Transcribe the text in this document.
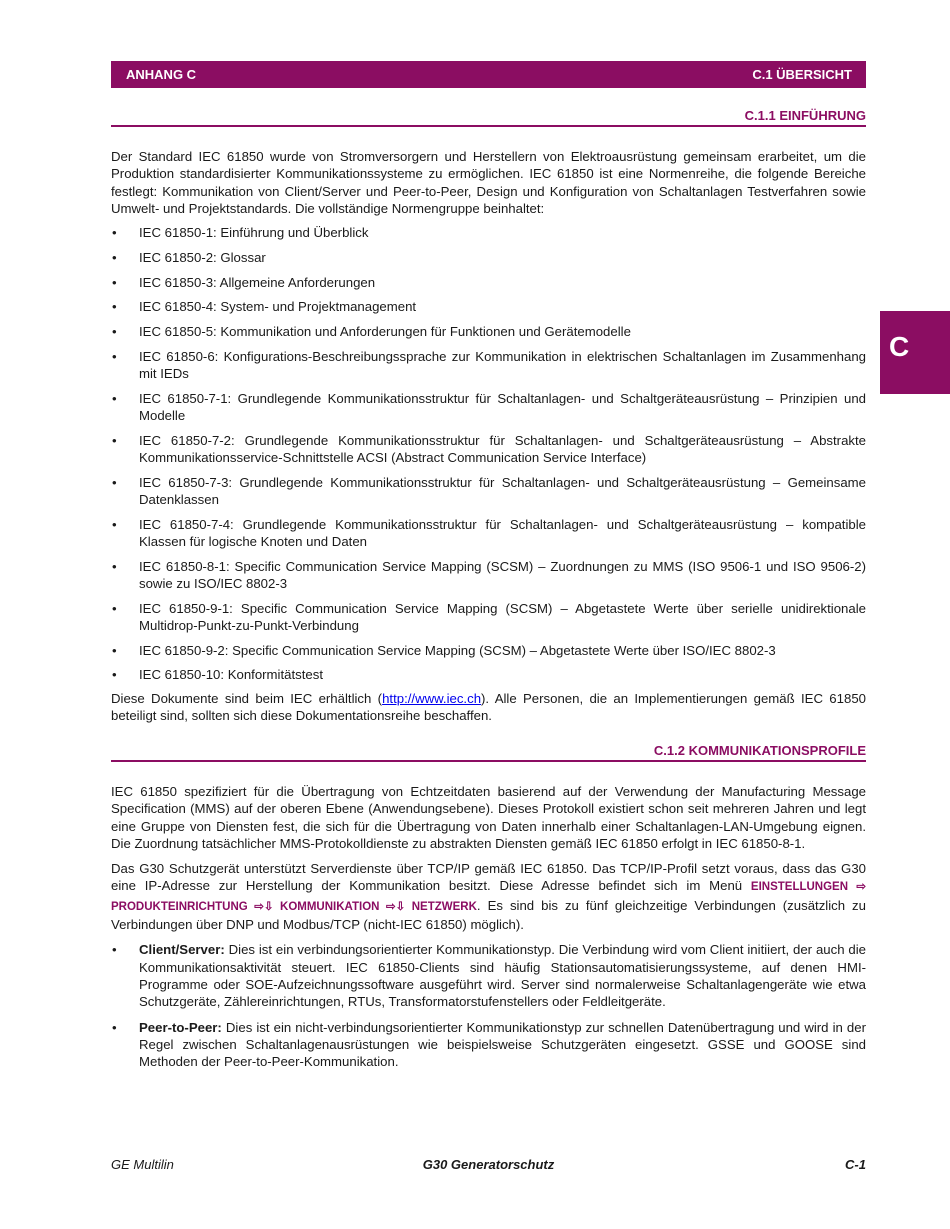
ANHANG C	C.1 ÜBERSICHT
C
C.1.1 EINFÜHRUNG

Der Standard IEC 61850 wurde von Stromversorgern und Herstellern von Elektroausrüstung gemeinsam erarbeitet, um die Produktion standardisierter Kommunikationssysteme zu ermöglichen. IEC 61850 ist eine Normenreihe, die folgende Bereiche festlegt: Kommunikation von Client/Server und Peer-to-Peer, Design und Konfiguration von Schaltanlagen Testverfahren sowie Umwelt- und Projektstandards. Die vollständige Normengruppe beinhaltet:

• IEC 61850-1: Einführung und Überblick
• IEC 61850-2: Glossar
• IEC 61850-3: Allgemeine Anforderungen
• IEC 61850-4: System- und Projektmanagement
• IEC 61850-5: Kommunikation und Anforderungen für Funktionen und Gerätemodelle
• IEC 61850-6: Konfigurations-Beschreibungssprache zur Kommunikation in elektrischen Schaltanlagen im Zusammenhang mit IEDs
• IEC 61850-7-1: Grundlegende Kommunikationsstruktur für Schaltanlagen- und Schaltgeräteausrüstung – Prinzipien und Modelle
• IEC 61850-7-2: Grundlegende Kommunikationsstruktur für Schaltanlagen- und Schaltgeräteausrüstung – Abstrakte Kommunikationsservice-Schnittstelle ACSI (Abstract Communication Service Interface)
• IEC 61850-7-3: Grundlegende Kommunikationsstruktur für Schaltanlagen- und Schaltgeräteausrüstung – Gemeinsame Datenklassen
• IEC 61850-7-4: Grundlegende Kommunikationsstruktur für Schaltanlagen- und Schaltgeräteausrüstung – kompatible Klassen für logische Knoten und Daten
• IEC 61850-8-1: Specific Communication Service Mapping (SCSM) – Zuordnungen zu MMS (ISO 9506-1 und ISO 9506-2) sowie zu ISO/IEC 8802-3
• IEC 61850-9-1: Specific Communication Service Mapping (SCSM) – Abgetastete Werte über serielle unidirektionale Multidrop-Punkt-zu-Punkt-Verbindung
• IEC 61850-9-2: Specific Communication Service Mapping (SCSM) – Abgetastete Werte über ISO/IEC 8802-3
• IEC 61850-10: Konformitätstest

Diese Dokumente sind beim IEC erhältlich (http://www.iec.ch). Alle Personen, die an Implementierungen gemäß IEC 61850 beteiligt sind, sollten sich diese Dokumentationsreihe beschaffen.

C.1.2 KOMMUNIKATIONSPROFILE

IEC 61850 spezifiziert für die Übertragung von Echtzeitdaten basierend auf der Verwendung der Manufacturing Message Specification (MMS) auf der oberen Ebene (Anwendungsebene). Dieses Protokoll existiert schon seit mehreren Jahren und legt eine Gruppe von Diensten fest, die sich für die Übertragung von Daten innerhalb einer Schaltanlagen-LAN-Umgebung eignen. Die Zuordnung tatsächlicher MMS-Protokolldienste zu abstrakten Diensten gemäß IEC 61850 erfolgt in IEC 61850-8-1.

Das G30 Schutzgerät unterstützt Serverdienste über TCP/IP gemäß IEC 61850. Das TCP/IP-Profil setzt voraus, dass das G30 eine IP-Adresse zur Herstellung der Kommunikation besitzt. Diese Adresse befindet sich im Menü EINSTELLUNGEN ⇨ PRODUKTEINRICHTUNG ⇨⇩ KOMMUNIKATION ⇨⇩ NETZWERK. Es sind bis zu fünf gleichzeitige Verbindungen (zusätzlich zu Verbindungen über DNP und Modbus/TCP (nicht-IEC 61850) möglich).

• Client/Server: Dies ist ein verbindungsorientierter Kommunikationstyp. Die Verbindung wird vom Client initiiert, der auch die Kommunikationsaktivität steuert. IEC 61850-Clients sind häufig Stationsautomatisierungssysteme, auf denen HMI-Programme oder SOE-Aufzeichnungssoftware ausgeführt wird. Server sind normalerweise Schaltanlagengeräte wie etwa Schutzgeräte, Zählereinrichtungen, RTUs, Transformatorstufenstellers oder Feldleitgeräte.
• Peer-to-Peer: Dies ist ein nicht-verbindungsorientierter Kommunikationstyp zur schnellen Datenübertragung und wird in der Regel zwischen Schaltanlagenausrüstungen wie beispielsweise Schutzgeräten eingesetzt. GSSE und GOOSE sind Methoden der Peer-to-Peer-Kommunikation.
GE Multilin	G30 Generatorschutz	C-1
